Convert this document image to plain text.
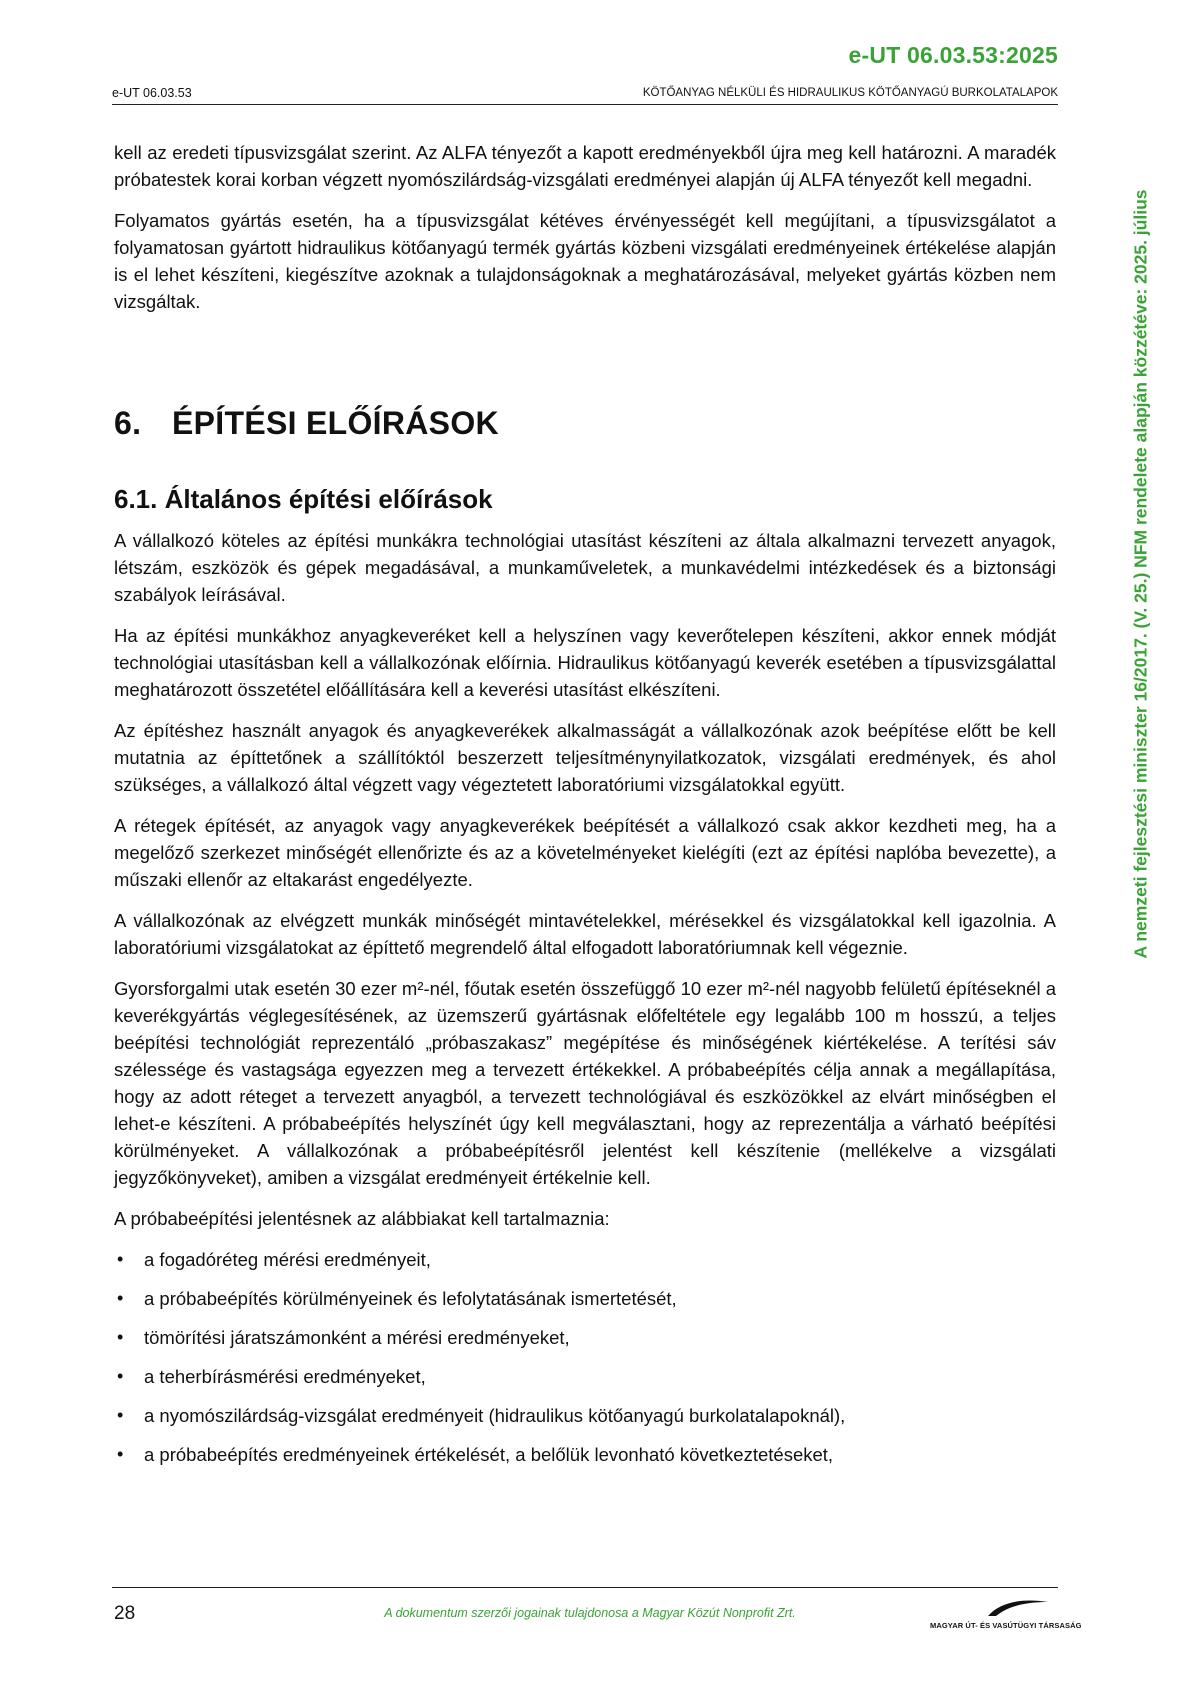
e-UT 06.03.53:2025
e-UT 06.03.53	KÖTŐANYAG NÉLKÜLI ÉS HIDRAULIKUS KÖTŐANYAGÚ BURKOLATALAPOK
A nemzeti fejlesztési miniszter 16/2017. (V. 25.) NFM rendelete alapján közzétéve: 2025. július

kell az eredeti típusvizsgálat szerint. Az ALFA tényezőt a kapott eredményekből újra meg kell határozni. A maradék próbatestek korai korban végzett nyomószilárdság-vizsgálati eredményei alapján új ALFA tényezőt kell megadni.

Folyamatos gyártás esetén, ha a típusvizsgálat kétéves érvényességét kell megújítani, a típusvizsgálatot a folyamatosan gyártott hidraulikus kötőanyagú termék gyártás közbeni vizsgálati eredményeinek értékelése alapján is el lehet készíteni, kiegészítve azoknak a tulajdonságoknak a meghatározásával, melyeket gyártás közben nem vizsgáltak.

6. ÉPÍTÉSI ELŐÍRÁSOK
6.1. Általános építési előírások

A vállalkozó köteles az építési munkákra technológiai utasítást készíteni az általa alkalmazni tervezett anyagok, létszám, eszközök és gépek megadásával, a munkaműveletek, a munkavédelmi intézkedések és a biztonsági szabályok leírásával.

Ha az építési munkákhoz anyagkeveréket kell a helyszínen vagy keverőtelepen készíteni, akkor ennek módját technológiai utasításban kell a vállalkozónak előírnia. Hidraulikus kötőanyagú keverék esetében a típusvizsgálattal meghatározott összetétel előállítására kell a keverési utasítást elkészíteni.

Az építéshez használt anyagok és anyagkeverékek alkalmasságát a vállalkozónak azok beépítése előtt be kell mutatnia az építtetőnek a szállítóktól beszerzett teljesítménynyilatkozatok, vizsgálati eredmények, és ahol szükséges, a vállalkozó által végzett vagy végeztetett laboratóriumi vizsgálatokkal együtt.

A rétegek építését, az anyagok vagy anyagkeverékek beépítését a vállalkozó csak akkor kezdheti meg, ha a megelőző szerkezet minőségét ellenőrizte és az a követelményeket kielégíti (ezt az építési naplóba bevezette), a műszaki ellenőr az eltakarást engedélyezte.

A vállalkozónak az elvégzett munkák minőségét mintavételekkel, mérésekkel és vizsgálatokkal kell igazolnia. A laboratóriumi vizsgálatokat az építtető megrendelő által elfogadott laboratóriumnak kell végeznie.

Gyorsforgalmi utak esetén 30 ezer m²-nél, főutak esetén összefüggő 10 ezer m²-nél nagyobb felületű építéseknél a keverékgyártás véglegesítésének, az üzemszerű gyártásnak előfeltétele egy legalább 100 m hosszú, a teljes beépítési technológiát reprezentáló „próbaszakasz” megépítése és minőségének kiértékelése. A terítési sáv szélessége és vastagsága egyezzen meg a tervezett értékekkel. A próbabeépítés célja annak a megállapítása, hogy az adott réteget a tervezett anyagból, a tervezett technológiával és eszközökkel az elvárt minőségben el lehet-e készíteni. A próbabeépítés helyszínét úgy kell megválasztani, hogy az reprezentálja a várható beépítési körülményeket. A vállalkozónak a próbabeépítésről jelentést kell készítenie (mellékelve a vizsgálati jegyzőkönyveket), amiben a vizsgálat eredményeit értékelnie kell.

A próbabeépítési jelentésnek az alábbiakat kell tartalmaznia:

• a fogadóréteg mérési eredményeit,
• a próbabeépítés körülményeinek és lefolytatásának ismertetését,
• tömörítési járatszámonként a mérési eredményeket,
• a teherbírásmérési eredményeket,
• a nyomószilárdság-vizsgálat eredményeit (hidraulikus kötőanyagú burkolatalapoknál),
• a próbabeépítés eredményeinek értékelését, a belőlük levonható következtetéseket,
28	A dokumentum szerzői jogainak tulajdonosa a Magyar Közút Nonprofit Zrt.
MAGYAR ÚT- ÉS VASÚTÜGYI TÁRSASÁG
